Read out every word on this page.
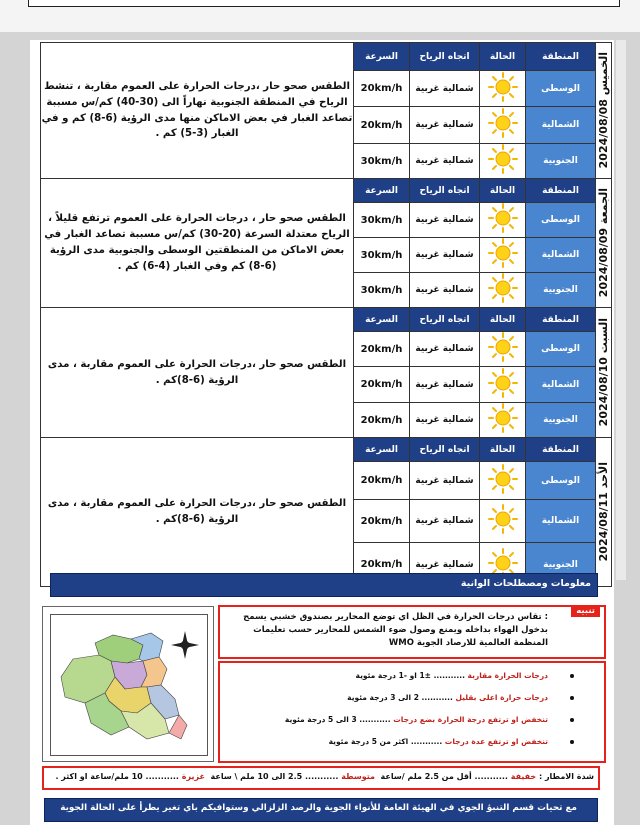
الخميس 2024/08/08	المنطقة	الحالة	اتجاه الرياح	السرعة	الطقس صحو حار ،درجات الحرارة على العموم مقاربة ، تنشط الرياح في المنطقة الجنوبية نهاراً الى (30-40) كم/س مسببة تصاعد الغبار في بعض الاماكن منها مدى الرؤية (6-8) كم و في الغبار (3-5) كم .
	الوسطى		شمالية غربية	20km/h	
	الشمالية		شمالية غربية	20km/h	
	الجنوبية		شمالية غربية	30km/h	

الجمعة 2024/08/09	المنطقة	الحالة	اتجاه الرياح	السرعة	الطقس صحو حار ، درجات الحرارة على العموم ترتفع قليلاً ، الرياح معتدلة السرعة (20-30) كم/س مسببة تصاعد الغبار في بعض الاماكن من المنطقتين الوسطى والجنوبية مدى الرؤية (6-8) كم وفي الغبار (4-6) كم .
	الوسطى		شمالية غربية	30km/h	
	الشمالية		شمالية غربية	30km/h	
	الجنوبية		شمالية غربية	30km/h	

السبت 2024/08/10	المنطقة	الحالة	اتجاه الرياح	السرعة	الطقس صحو حار ،درجات الحرارة على العموم مقاربة ، مدى الرؤية (6-8)كم .
	الوسطى		شمالية غربية	20km/h	
	الشمالية		شمالية غربية	20km/h	
	الجنوبية		شمالية غربية	20km/h	

الأحد 2024/08/11	المنطقة	الحالة	اتجاه الرياح	السرعة	الطقس صحو حار ،درجات الحرارة على العموم مقاربة ، مدى الرؤية (6-8)كم .
	الوسطى		شمالية غربية	20km/h	
	الشمالية		شمالية غربية	20km/h	
	الجنوبية		شمالية غربية	20km/h	
معلومات ومصطلحات الوانية
تنبيه
: تقاس درجات الحرارة في الظل اي توضع المحارير بصندوق خشبي يسمح بدخول الهواء بداخله ويمنع وصول ضوء الشمس للمحارير حسب تعليمات المنظمة العالمية للارصاد الجوية WMO
درجات الحرارة مقاربة ........... ±1 او -1 درجة مئوية
درجات حرارة اعلى بقليل ........... 2 الى 3 درجة مئوية
تنخفض او ترتفع درجة الحرارة بضع درجات ........... 3 الى 5 درجة مئوية
تنخفض او ترتفع عدة درجات ........... اكثر من 5 درجة مئوية
شدة الامطار : خفيفة ........... أقل من 2.5 ملم /ساعة  متوسطة ........... 2.5 الى 10 ملم \ ساعة  غزيرة ........... 10 ملم/ساعة او اكثر .
مع تحيات قسم التنبؤ الجوي في الهيئة العامة للأنواء الجوية والرصد الزلزالي وستوافيكم باي تغير يطرأ على الحالة الجوية
